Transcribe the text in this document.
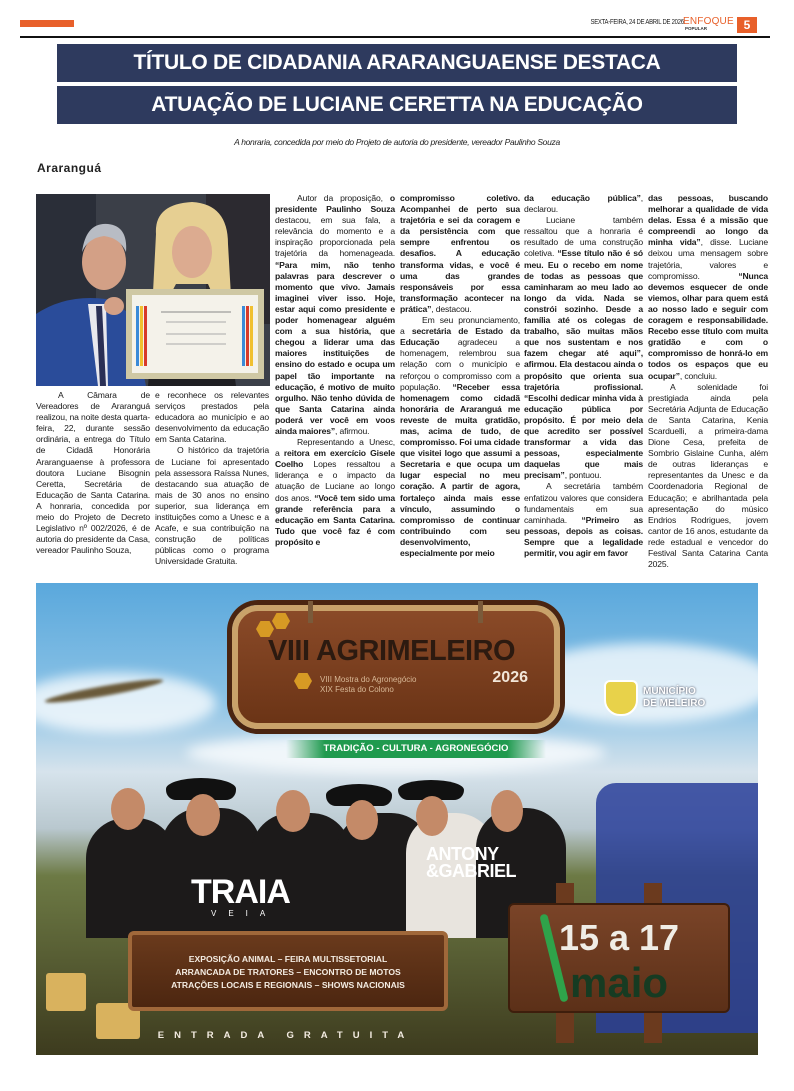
SEXTA-FEIRA, 24 DE ABRIL DE 2026 ENFOQUE
POPULAR	5
TÍTULO DE CIDADANIA ARARANGUAENSE DESTACA
ATUAÇÃO DE LUCIANE CERETTA NA EDUCAÇÃO
A honraria, concedida por meio do Projeto de autoria do presidente, vereador Paulinho Souza
Araranguá

A Câmara de Vereadores de Araranguá realizou, na noite desta quarta-feira, 22, durante sessão ordinária, a entrega do Título de Cidadã Honorária Araranguaense à professora doutora Luciane Bisognin Ceretta, Secretária de Educação de Santa Catarina. A honraria, concedida por meio do Projeto de Decreto Legislativo nº 002/2026, é de autoria do presidente da Casa, vereador Paulinho Souza,

e reconhece os relevantes serviços prestados pela educadora ao município e ao desenvolvimento da educação em Santa Catarina.

O histórico da trajetória de Luciane foi apresentado pela assessora Raíssa Nunes, destacando sua atuação de mais de 30 anos no ensino superior, sua liderança em instituições como a Unesc e a Acafe, e sua contribuição na construção de políticas públicas como o programa Universidade Gratuita.

Autor da proposição, o presidente Paulinho Souza destacou, em sua fala, a relevância do momento e a inspiração proporcionada pela trajetória da homenageada. “Para mim, não tenho palavras para descrever o momento que vivo. Jamais imaginei viver isso. Hoje, estar aqui como presidente e poder homenagear alguém com a sua história, que chegou a liderar uma das maiores instituições de ensino do estado e ocupa um papel tão importante na educação, é motivo de muito orgulho. Não tenho dúvida de que Santa Catarina ainda poderá ver você em voos ainda maiores”, afirmou.

Representando a Unesc, a reitora em exercício Gisele Coelho Lopes ressaltou a liderança e o impacto da atuação de Luciane ao longo dos anos. “Você tem sido uma grande referência para a educação em Santa Catarina. Tudo que você faz é com propósito e

compromisso coletivo. Acompanhei de perto sua trajetória e sei da coragem e da persistência com que sempre enfrentou os desafios. A educação transforma vidas, e você é uma das grandes responsáveis por essa transformação acontecer na prática”, destacou.

Em seu pronunciamento, a secretária de Estado da Educação agradeceu a homenagem, relembrou sua relação com o município e reforçou o compromisso com a população. “Receber essa homenagem como cidadã honorária de Araranguá me reveste de muita gratidão, mas, acima de tudo, de compromisso. Foi uma cidade que visitei logo que assumi a Secretaria e que ocupa um lugar especial no meu coração. A partir de agora, fortaleço ainda mais esse vínculo, assumindo o compromisso de continuar contribuindo com seu desenvolvimento, especialmente por meio

da educação pública”, declarou.

Luciane também ressaltou que a honraria é resultado de uma construção coletiva. “Esse título não é só meu. Eu o recebo em nome de todas as pessoas que caminharam ao meu lado ao longo da vida. Nada se constrói sozinho. Desde a família até os colegas de trabalho, são muitas mãos que nos sustentam e nos fazem chegar até aqui”, afirmou. Ela destacou ainda o propósito que orienta sua trajetória profissional. “Escolhi dedicar minha vida à educação pública por propósito. É por meio dela que acredito ser possível transformar a vida das pessoas, especialmente daquelas que mais precisam”, pontuou.

A secretária também enfatizou valores que considera fundamentais em sua caminhada. “Primeiro as pessoas, depois as coisas. Sempre que a legalidade permitir, vou agir em favor

das pessoas, buscando melhorar a qualidade de vida delas. Essa é a missão que compreendi ao longo da minha vida”, disse. Luciane deixou uma mensagem sobre trajetória, valores e compromisso. “Nunca devemos esquecer de onde viemos, olhar para quem está ao nosso lado e seguir com coragem e responsabilidade. Recebo esse título com muita gratidão e com o compromisso de honrá-lo em todos os espaços que eu ocupar”, concluiu.

A solenidade foi prestigiada ainda pela Secretária Adjunta de Educação de Santa Catarina, Kenia Scarduelli, a primeira-dama Dione Cesa, prefeita de Sombrio Gislaine Cunha, além de outras lideranças e representantes da Unesc e da Coordenadoria Regional de Educação; e abrilhantada pela apresentação do músico Endrios Rodrigues, jovem cantor de 16 anos, estudante da rede estadual e vencedor do Festival Santa Catarina Canta 2025.

VIII AGRIMELEIRO
2026
VIII Mostra do Agronegócio
XIX Festa do Colono
TRADIÇÃO - CULTURA - AGRONEGÓCIO
MUNICÍPIO
DE MELEIRO
TRAIA
VEIA
ANTONY
&GABRIEL
EXPOSIÇÃO ANIMAL – FEIRA MULTISSETORIAL
ARRANCADA DE TRATORES – ENCONTRO DE MOTOS
ATRAÇÕES LOCAIS E REGIONAIS – SHOWS NACIONAIS
ENTRADA GRATUITA
15 a 17
maio
